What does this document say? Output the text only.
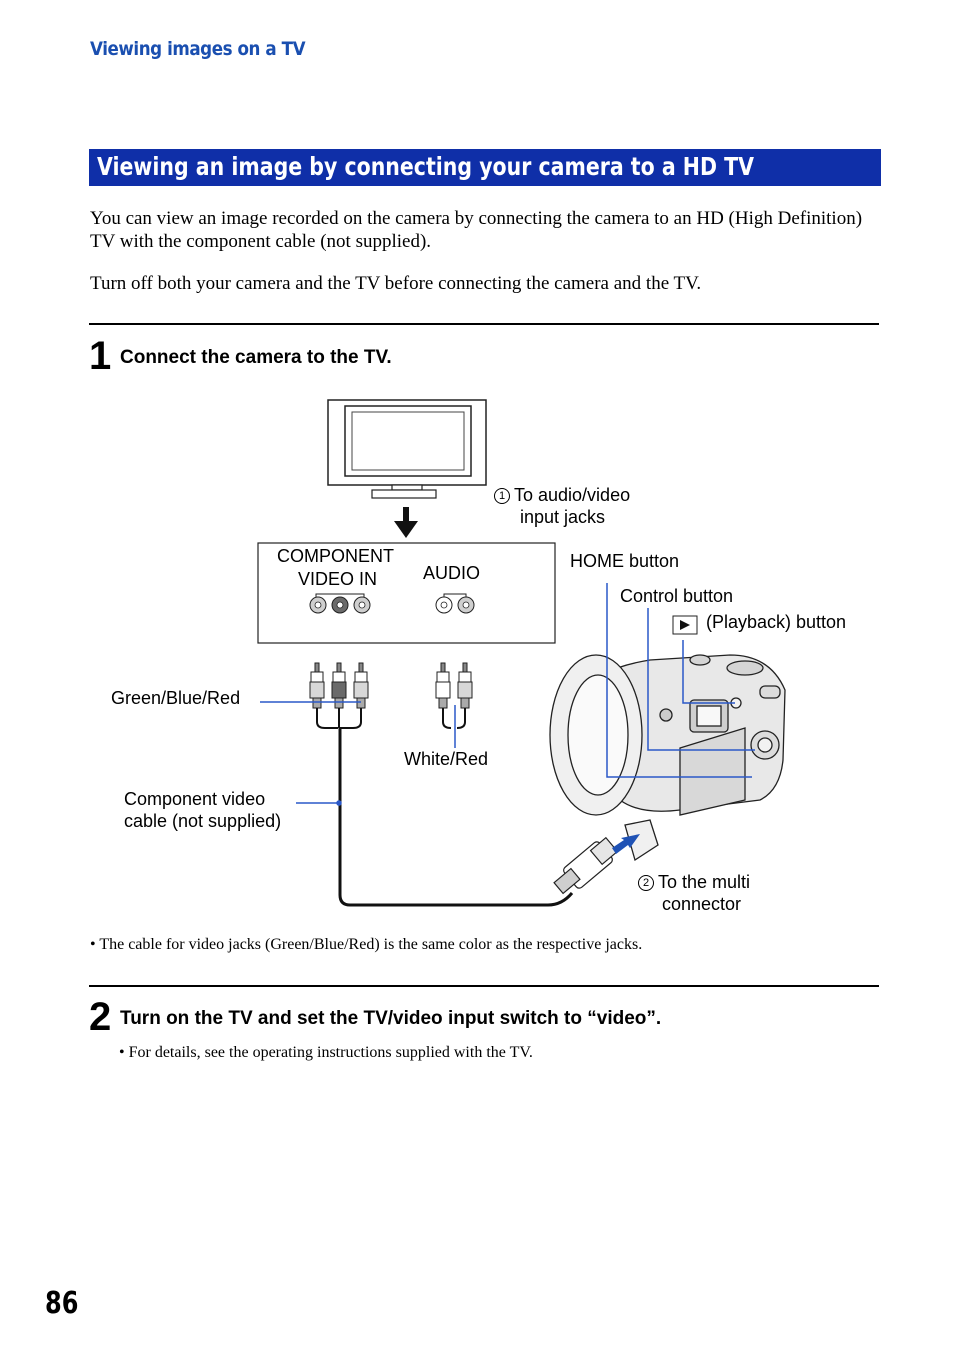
Viewing images on a TV
Viewing an image by connecting your camera to a HD TV
You can view an image recorded on the camera by connecting the camera to an HD (High Definition) TV with the component cable (not supplied).
Turn off both your camera and the TV before connecting the camera and the TV.
1 Connect the camera to the TV.
1 To audio/video
input jacks
COMPONENT
VIDEO IN	AUDIO
HOME button
Control button
(Playback) button
Green/Blue/Red
White/Red
Component video
cable (not supplied)
2 To the multi
connector
• The cable for video jacks (Green/Blue/Red) is the same color as the respective jacks.
2 Turn on the TV and set the TV/video input switch to “video”.
• For details, see the operating instructions supplied with the TV.
86
